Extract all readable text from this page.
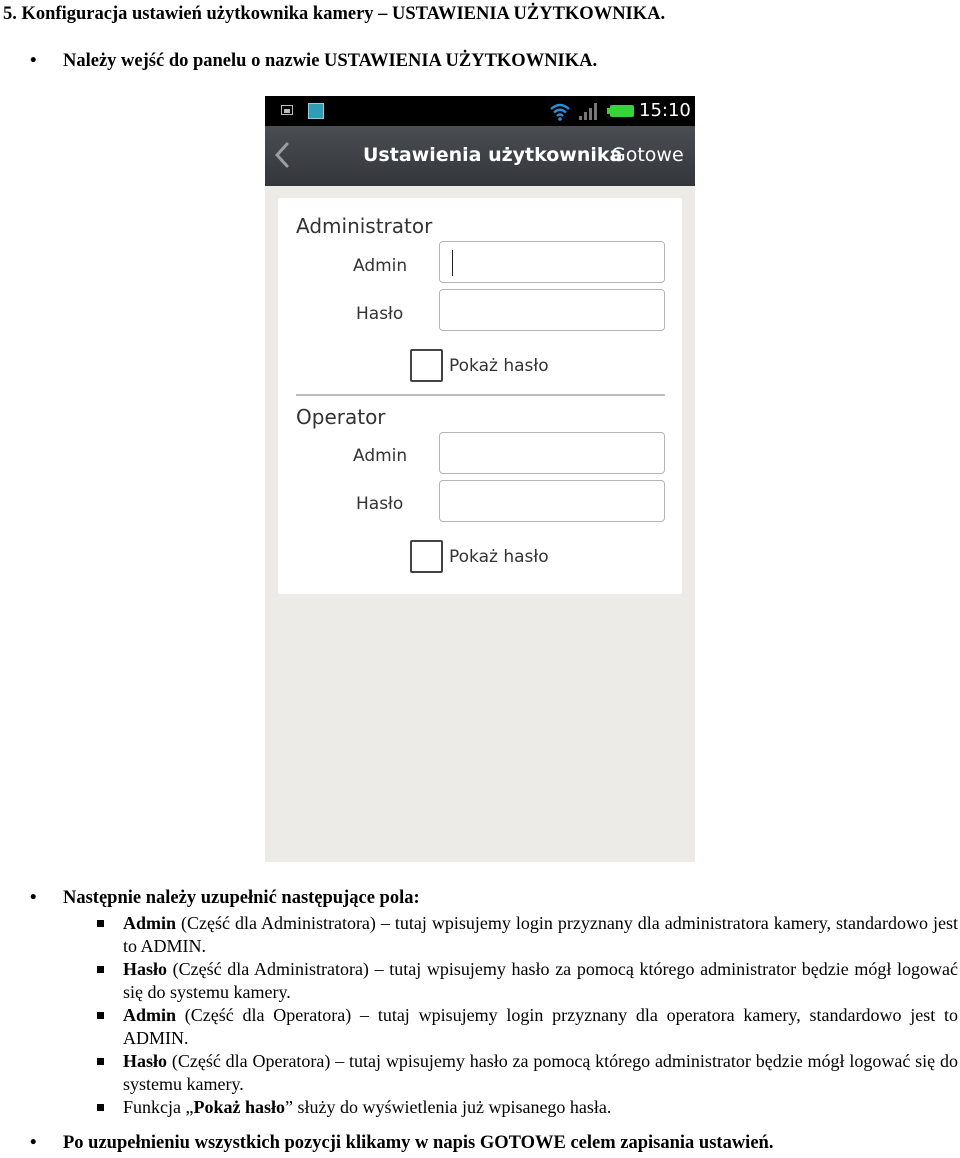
5. Konfiguracja ustawień użytkownika kamery – USTAWIENIA UŻYTKOWNIKA.
• Należy wejść do panelu o nazwie USTAWIENIA UŻYTKOWNIKA.
15:10
Ustawienia użytkownika
Gotowe
Administrator
Admin
Hasło
Pokaż hasło
Operator
Admin
Hasło
Pokaż hasło
• Następnie należy uzupełnić następujące pola:
Admin (Część dla Administratora) – tutaj wpisujemy login przyznany dla administratora kamery, standardowo jest to ADMIN.
Hasło (Część dla Administratora) – tutaj wpisujemy hasło za pomocą którego administrator będzie mógł logować się do systemu kamery.
Admin (Część dla Operatora) – tutaj wpisujemy login przyznany dla operatora kamery, standardowo jest to ADMIN.
Hasło (Część dla Operatora) – tutaj wpisujemy hasło za pomocą którego administrator będzie mógł logować się do systemu kamery.
Funkcja „Pokaż hasło” służy do wyświetlenia już wpisanego hasła.
• Po uzupełnieniu wszystkich pozycji klikamy w napis GOTOWE celem zapisania ustawień.
